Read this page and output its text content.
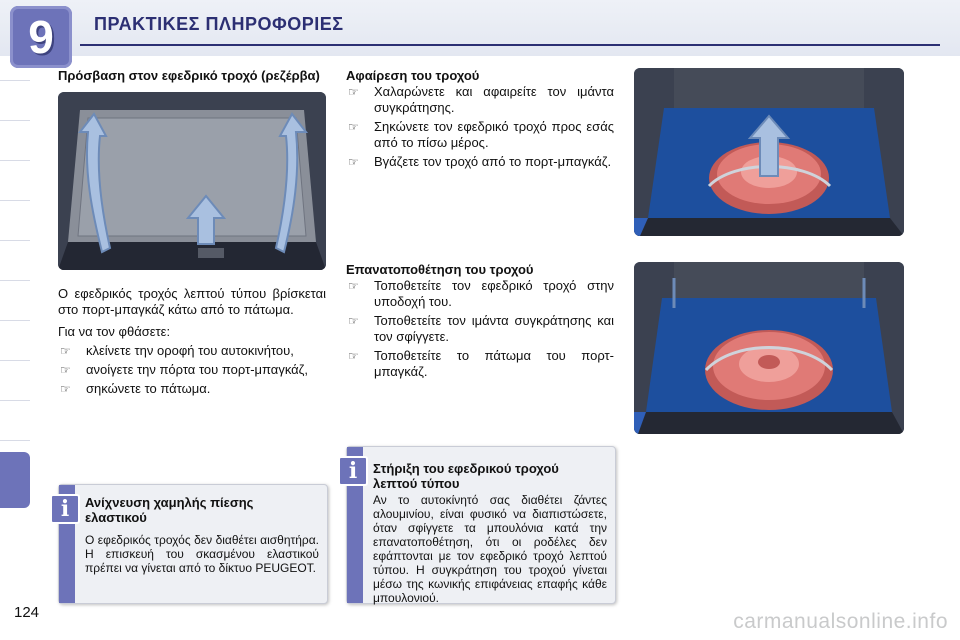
9	ΠΡΑΚΤΙΚΕΣ ΠΛΗΡΟΦΟΡΙΕΣ
Πρόσβαση στον εφεδρικό τροχό (ρεζέρβα)
Ο εφεδρικός τροχός λεπτού τύπου βρίσκεται στο πορτ-μπαγκάζ κάτω από το πάτωμα.
Για να τον φθάσετε:
☞ κλείνετε την οροφή του αυτοκινήτου,
☞ ανοίγετε την πόρτα του πορτ-μπαγκάζ,
☞ σηκώνετε το πάτωμα.
Αφαίρεση του τροχού
☞ Χαλαρώνετε και αφαιρείτε τον ιμάντα συγκράτησης.
☞ Σηκώνετε τον εφεδρικό τροχό προς εσάς από το πίσω μέρος.
☞ Βγάζετε τον τροχό από το πορτ-μπαγκάζ.
Επανατοποθέτηση του τροχού
☞ Τοποθετείτε τον εφεδρικό τροχό στην υποδοχή του.
☞ Τοποθετείτε τον ιμάντα συγκράτησης και τον σφίγγετε.
☞ Τοποθετείτε το πάτωμα του πορτ-μπαγκάζ.
Ανίχνευση χαμηλής πίεσης ελαστικού
Ο εφεδρικός τροχός δεν διαθέτει αισθητήρα. Η επισκευή του σκασμένου ελαστικού πρέπει να γίνεται από το δίκτυο PEUGEOT.
i
Στήριξη του εφεδρικού τροχού λεπτού τύπου
Αν το αυτοκίνητό σας διαθέτει ζάντες αλουμινίου, είναι φυσικό να διαπιστώσετε, όταν σφίγγετε τα μπουλόνια κατά την επανατοποθέτηση, ότι οι ροδέλες δεν εφάπτονται με τον εφεδρικό τροχό λεπτού τύπου. Η συγκράτηση του τροχού γίνεται μέσω της κωνικής επιφάνειας επαφής κάθε μπουλονιού.
i
124	carmanualsonline.info
